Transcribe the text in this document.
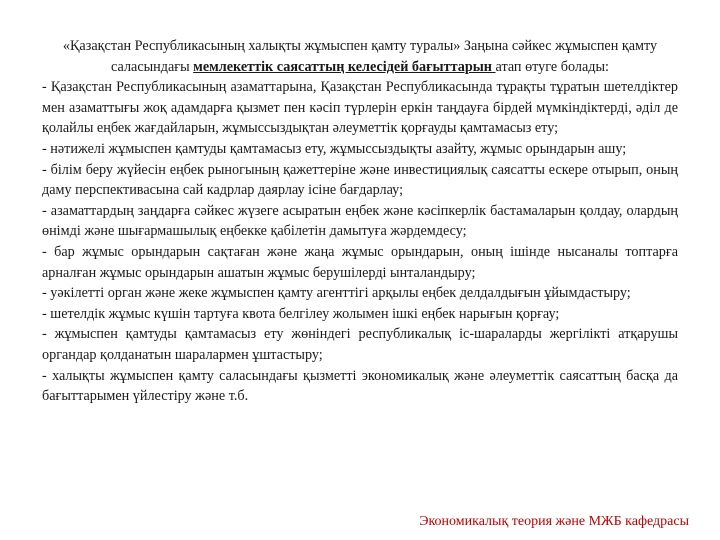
«Қазақстан Республикасының халықты жұмыспен қамту туралы» Заңына сәйкес жұмыспен қамту саласындағы мемлекеттік саясаттың келесідей бағыттарын атап өтуге болады:

- Қазақстан Республикасының азаматтарына, Қазақстан Республикасында тұрақты тұратын шетелдіктер мен азаматтығы жоқ адамдарға қызмет пен кәсіп түрлерін еркін таңдауға бірдей мүмкіндіктерді, әділ де қолайлы еңбек жағдайларын, жұмыссыздықтан әлеуметтік қорғауды қамтамасыз ету;

- нәтижелі жұмыспен қамтуды қамтамасыз ету, жұмыссыздықты азайту, жұмыс орындарын ашу;

- білім беру жүйесін еңбек рыногының қажеттеріне және инвестициялық саясатты ескере отырып, оның даму перспективасына сай кадрлар даярлау ісіне бағдарлау;

- азаматтардың заңдарға сәйкес жүзеге асыратын еңбек және кәсіпкерлік бастамаларын қолдау, олардың өнімді және шығармашылық еңбекке қабілетін дамытуға жәрдемдесу;

- бар жұмыс орындарын сақтаған және жаңа жұмыс орындарын, оның ішінде нысаналы топтарға арналған жұмыс орындарын ашатын жұмыс берушілерді ынталандыру;

- уәкілетті орган және жеке жұмыспен қамту агенттігі арқылы еңбек делдалдығын ұйымдастыру;

- шетелдік жұмыс күшін тартуға квота белгілеу жолымен ішкі еңбек нарығын қорғау;

- жұмыспен қамтуды қамтамасыз ету жөніндегі республикалық іс-шараларды жергілікті атқарушы органдар қолданатын шаралармен ұштастыру;

- халықты жұмыспен қамту саласындағы қызметті экономикалық және әлеуметтік саясаттың басқа да бағыттарымен үйлестіру және т.б.

Экономикалық теория және МЖБ кафедрасы
